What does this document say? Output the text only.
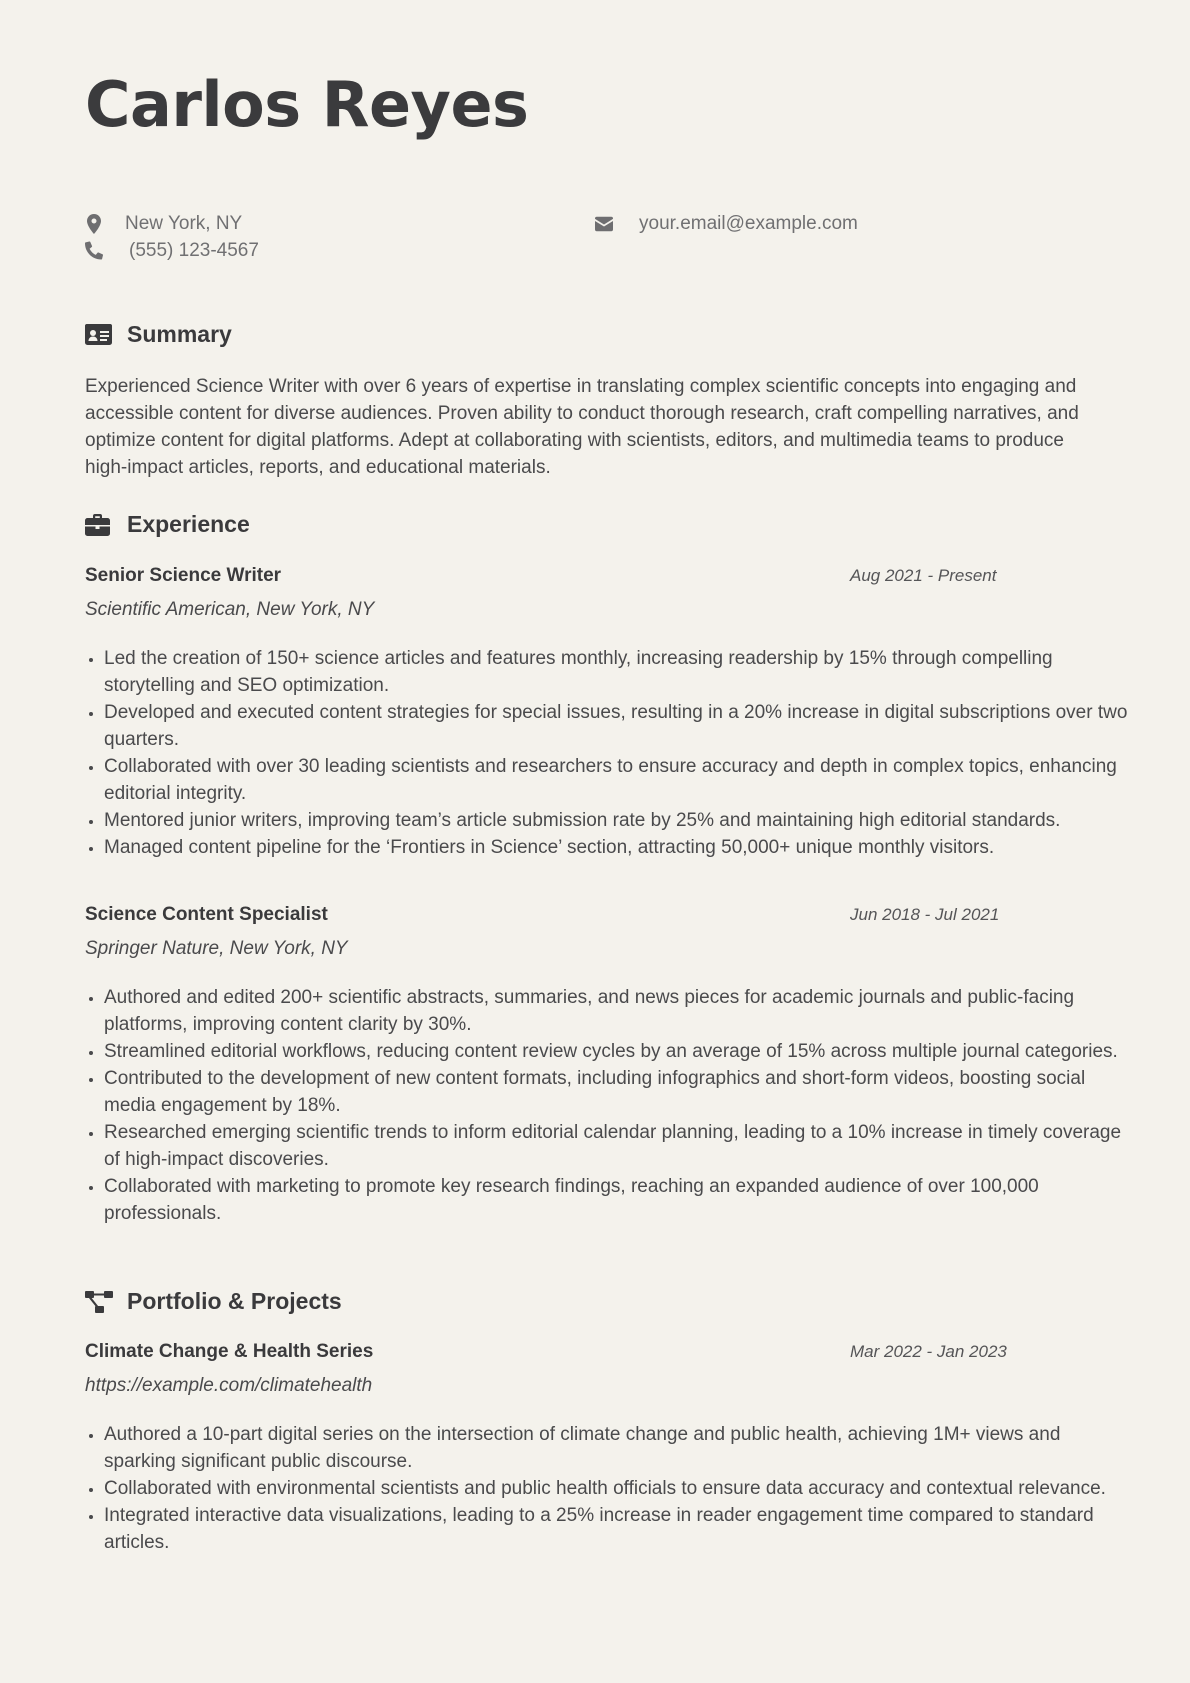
Carlos Reyes
New York, NY
(555) 123-4567
your.email@example.com
Summary
Experienced Science Writer with over 6 years of expertise in translating complex scientific concepts into engaging and accessible content for diverse audiences. Proven ability to conduct thorough research, craft compelling narratives, and optimize content for digital platforms. Adept at collaborating with scientists, editors, and multimedia teams to produce high-impact articles, reports, and educational materials.
Experience
Senior Science Writer	Aug 2021 - Present
Scientific American, New York, NY
• Led the creation of 150+ science articles and features monthly, increasing readership by 15% through compelling storytelling and SEO optimization.
• Developed and executed content strategies for special issues, resulting in a 20% increase in digital subscriptions over two quarters.
• Collaborated with over 30 leading scientists and researchers to ensure accuracy and depth in complex topics, enhancing editorial integrity.
• Mentored junior writers, improving team’s article submission rate by 25% and maintaining high editorial standards.
• Managed content pipeline for the ‘Frontiers in Science’ section, attracting 50,000+ unique monthly visitors.
Science Content Specialist	Jun 2018 - Jul 2021
Springer Nature, New York, NY
• Authored and edited 200+ scientific abstracts, summaries, and news pieces for academic journals and public-facing platforms, improving content clarity by 30%.
• Streamlined editorial workflows, reducing content review cycles by an average of 15% across multiple journal categories.
• Contributed to the development of new content formats, including infographics and short-form videos, boosting social media engagement by 18%.
• Researched emerging scientific trends to inform editorial calendar planning, leading to a 10% increase in timely coverage of high-impact discoveries.
• Collaborated with marketing to promote key research findings, reaching an expanded audience of over 100,000 professionals.
Portfolio & Projects
Climate Change & Health Series	Mar 2022 - Jan 2023
https://example.com/climatehealth
• Authored a 10-part digital series on the intersection of climate change and public health, achieving 1M+ views and sparking significant public discourse.
• Collaborated with environmental scientists and public health officials to ensure data accuracy and contextual relevance.
• Integrated interactive data visualizations, leading to a 25% increase in reader engagement time compared to standard articles.
